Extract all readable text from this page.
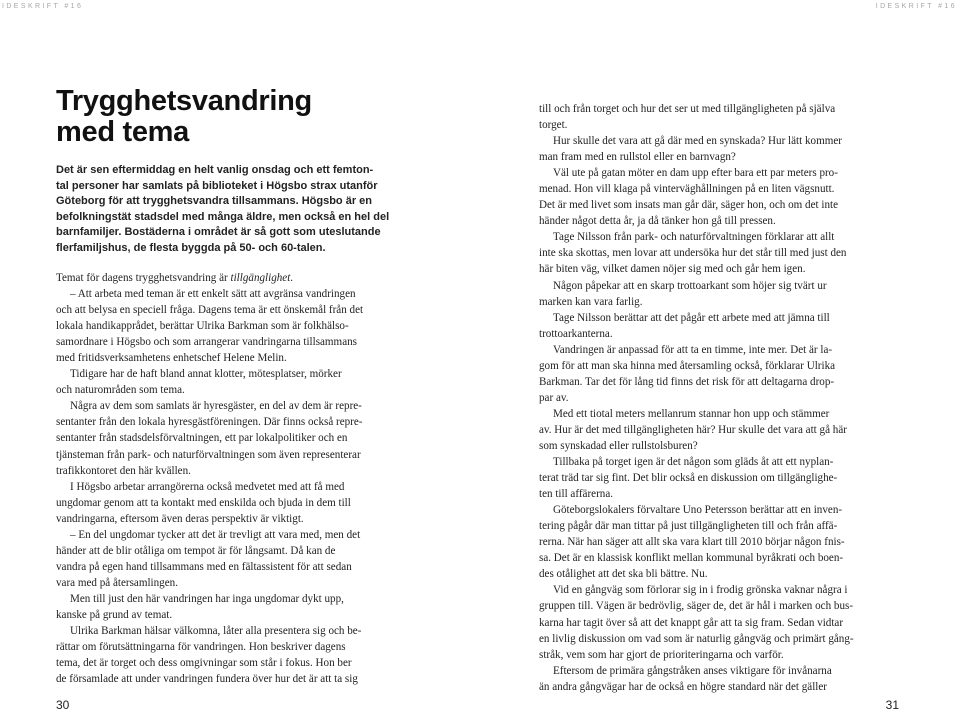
IDESKRIFT #16	IDESKRIFT #16
Trygghetsvandring
med tema
Det är sen eftermiddag en helt vanlig onsdag och ett femton-
tal personer har samlats på biblioteket i Högsbo strax utanför
Göteborg för att trygghetsvandra tillsammans. Högsbo är en
befolkningstät stadsdel med många äldre, men också en hel del
barnfamiljer. Bostäderna i området är så gott som uteslutande
flerfamiljshus, de flesta byggda på 50- och 60-talen.
Temat för dagens trygghetsvandring är tillgänglighet.
– Att arbeta med teman är ett enkelt sätt att avgränsa vandringen
och att belysa en speciell fråga. Dagens tema är ett önskemål från det
lokala handikapprådet, berättar Ulrika Barkman som är folkhälso-
samordnare i Högsbo och som arrangerar vandringarna tillsammans
med fritidsverksamhetens enhetschef Helene Melin.
Tidigare har de haft bland annat klotter, mötesplatser, mörker
och naturområden som tema.
Några av dem som samlats är hyresgäster, en del av dem är repre-
sentanter från den lokala hyresgästföreningen. Där finns också repre-
sentanter från stadsdelsförvaltningen, ett par lokalpolitiker och en
tjänsteman från park- och naturförvaltningen som även representerar
trafikkontoret den här kvällen.
I Högsbo arbetar arrangörerna också medvetet med att få med
ungdomar genom att ta kontakt med enskilda och bjuda in dem till
vandringarna, eftersom även deras perspektiv är viktigt.
– En del ungdomar tycker att det är trevligt att vara med, men det
händer att de blir otåliga om tempot är för långsamt. Då kan de
vandra på egen hand tillsammans med en fältassistent för att sedan
vara med på återsamlingen.
Men till just den här vandringen har inga ungdomar dykt upp,
kanske på grund av temat.
Ulrika Barkman hälsar välkomna, låter alla presentera sig och be-
rättar om förutsättningarna för vandringen. Hon beskriver dagens
tema, det är torget och dess omgivningar som står i fokus. Hon ber
de församlade att under vandringen fundera över hur det är att ta sig
till och från torget och hur det ser ut med tillgängligheten på själva
torget.
Hur skulle det vara att gå där med en synskada? Hur lätt kommer
man fram med en rullstol eller en barnvagn?
Väl ute på gatan möter en dam upp efter bara ett par meters pro-
menad. Hon vill klaga på vinterväghållningen på en liten vägsnutt.
Det är med livet som insats man går där, säger hon, och om det inte
händer något detta år, ja då tänker hon gå till pressen.
Tage Nilsson från park- och naturförvaltningen förklarar att allt
inte ska skottas, men lovar att undersöka hur det står till med just den
här biten väg, vilket damen nöjer sig med och går hem igen.
Någon påpekar att en skarp trottoarkant som höjer sig tvärt ur
marken kan vara farlig.
Tage Nilsson berättar att det pågår ett arbete med att jämna till
trottoarkanterna.
Vandringen är anpassad för att ta en timme, inte mer. Det är la-
gom för att man ska hinna med återsamling också, förklarar Ulrika
Barkman. Tar det för lång tid finns det risk för att deltagarna drop-
par av.
Med ett tiotal meters mellanrum stannar hon upp och stämmer
av. Hur är det med tillgängligheten här? Hur skulle det vara att gå här
som synskadad eller rullstolsburen?
Tillbaka på torget igen är det någon som gläds åt att ett nyplan-
terat träd tar sig fint. Det blir också en diskussion om tillgänglighe-
ten till affärerna.
Göteborgslokalers förvaltare Uno Petersson berättar att en inven-
tering pågår där man tittar på just tillgängligheten till och från affä-
rerna. När han säger att allt ska vara klart till 2010 börjar någon fnis-
sa. Det är en klassisk konflikt mellan kommunal byråkrati och boen-
des otålighet att det ska bli bättre. Nu.
Vid en gångväg som förlorar sig in i frodig grönska vaknar några i
gruppen till. Vägen är bedrövlig, säger de, det är hål i marken och bus-
karna har tagit över så att det knappt går att ta sig fram. Sedan vidtar
en livlig diskussion om vad som är naturlig gångväg och primärt gång-
stråk, vem som har gjort de prioriteringarna och varför.
Eftersom de primära gångstråken anses viktigare för invånarna
än andra gångvägar har de också en högre standard när det gäller
30	31
